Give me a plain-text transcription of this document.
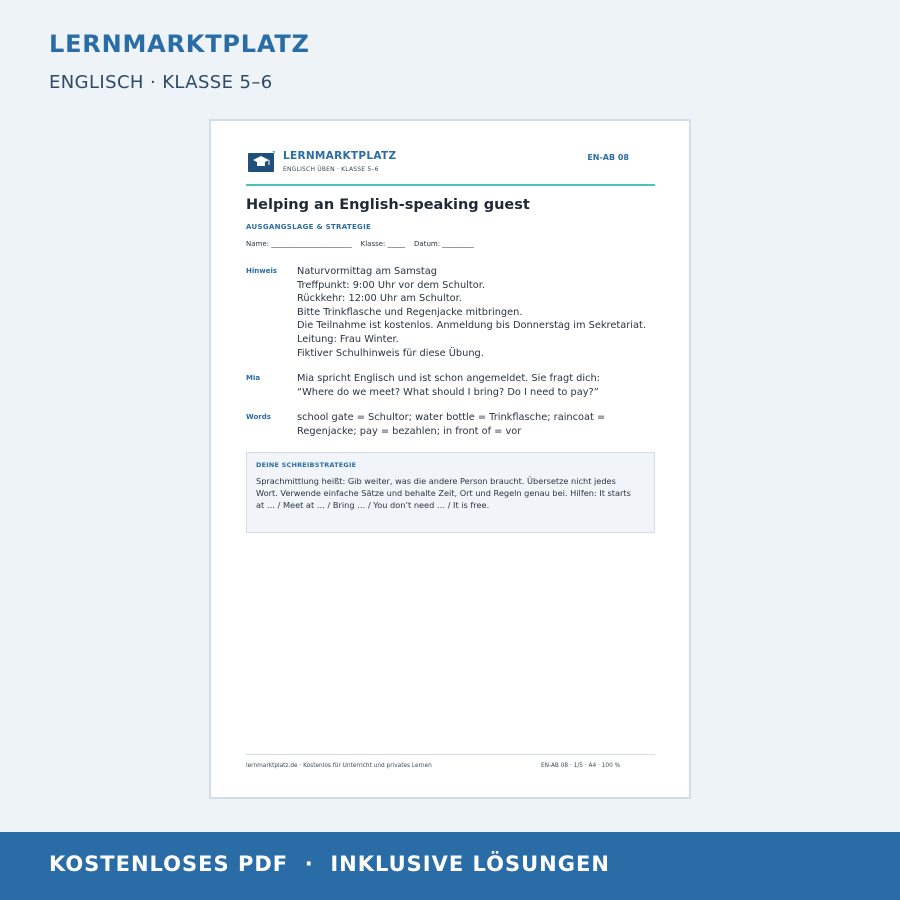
LERNMARKTPLATZ
ENGLISCH · KLASSE 5–6
LERNMARKTPLATZ
ENGLISCH ÜBEN · KLASSE 5–6
EN-AB 08
Helping an English-speaking guest
AUSGANGSLAGE & STRATEGIE
Name: _______________________    Klasse: _____    Datum: _________
Hinweis Naturvormittag am Samstag
Treffpunkt: 9:00 Uhr vor dem Schultor.
Rückkehr: 12:00 Uhr am Schultor.
Bitte Trinkflasche und Regenjacke mitbringen.
Die Teilnahme ist kostenlos. Anmeldung bis Donnerstag im Sekretariat.
Leitung: Frau Winter.
Fiktiver Schulhinweis für diese Übung.
Mia	Mia spricht Englisch und ist schon angemeldet. Sie fragt dich:
“Where do we meet? What should I bring? Do I need to pay?”
Words	school gate = Schultor; water bottle = Trinkflasche; raincoat =
Regenjacke; pay = bezahlen; in front of = vor
DEINE SCHREIBSTRATEGIE
Sprachmittlung heißt: Gib weiter, was die andere Person braucht. Übersetze nicht jedes
Wort. Verwende einfache Sätze und behalte Zeit, Ort und Regeln genau bei. Hilfen: It starts
at … / Meet at … / Bring … / You don’t need … / It is free.
lernmarktplatz.de · Kostenlos für Unterricht und privates Lernen	EN-AB 08 · 1/5 · A4 · 100 %
KOSTENLOSES PDF  ·  INKLUSIVE LÖSUNGEN
